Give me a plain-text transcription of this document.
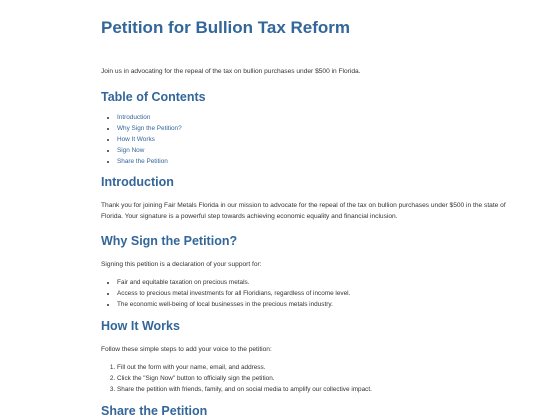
Petition for Bullion Tax Reform

Join us in advocating for the repeal of the tax on bullion purchases under $500 in Florida.

Table of Contents
• Introduction
• Why Sign the Petition?
• How It Works
• Sign Now
• Share the Petition
Introduction

Thank you for joining Fair Metals Florida in our mission to advocate for the repeal of the tax on bullion purchases under $500 in the state of Florida. Your signature is a powerful step towards achieving economic equality and financial inclusion.

Why Sign the Petition?

Signing this petition is a declaration of your support for:

• Fair and equitable taxation on precious metals.
• Access to precious metal investments for all Floridians, regardless of income level.
• The economic well-being of local businesses in the precious metals industry.
How It Works

Follow these simple steps to add your voice to the petition:

1. Fill out the form with your name, email, and address.
2. Click the "Sign Now" button to officially sign the petition.
3. Share the petition with friends, family, and on social media to amplify our collective impact.
Share the Petition
